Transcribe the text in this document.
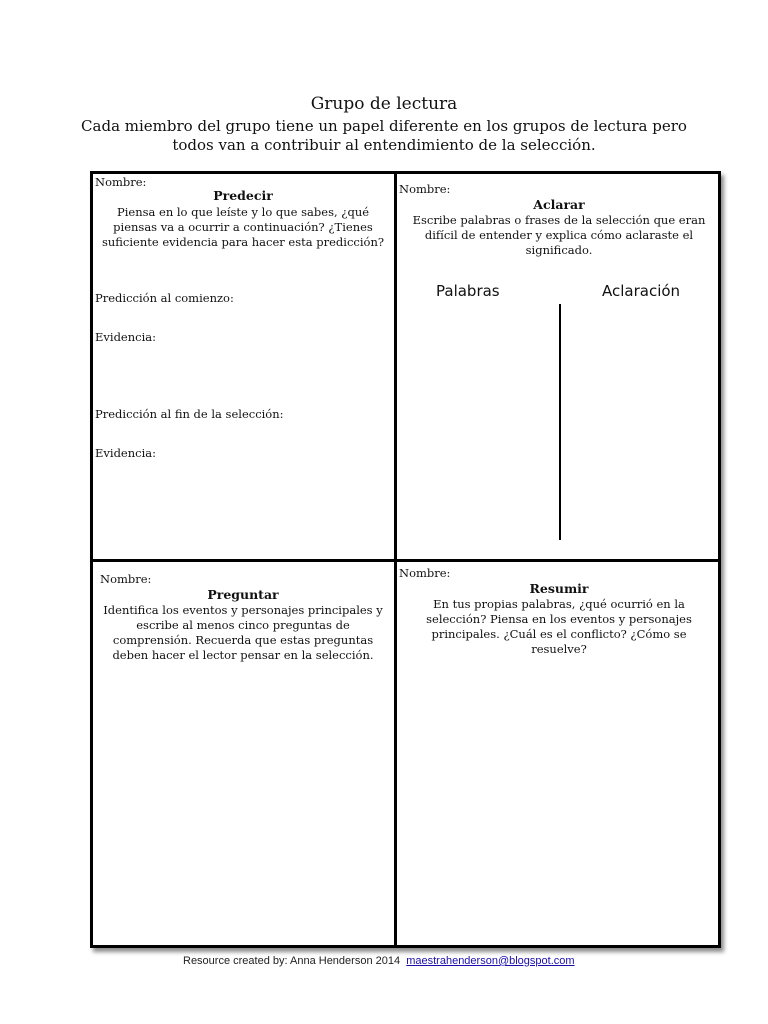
Grupo de lectura
Cada miembro del grupo tiene un papel diferente en los grupos de lectura pero
todos van a contribuir al entendimiento de la selección.
Nombre:
Predecir
Piensa en lo que leíste y lo que sabes, ¿qué piensas va a ocurrir a continuación? ¿Tienes suficiente evidencia para hacer esta predicción?
Predicción al comienzo:
Evidencia:
Predicción al fin de la selección:
Evidencia:
Nombre:
Aclarar
Escribe palabras o frases de la selección que eran difícil de entender y explica cómo aclaraste el significado.
Palabras	Aclaración
Nombre:
Preguntar
Identifica los eventos y personajes principales y escribe al menos cinco preguntas de comprensión. Recuerda que estas preguntas deben hacer el lector pensar en la selección.
Nombre:
Resumir
En tus propias palabras, ¿qué ocurrió en la selección? Piensa en los eventos y personajes principales. ¿Cuál es el conflicto? ¿Cómo se resuelve?
Resource created by: Anna Henderson 2014 maestrahenderson@blogspot.com
